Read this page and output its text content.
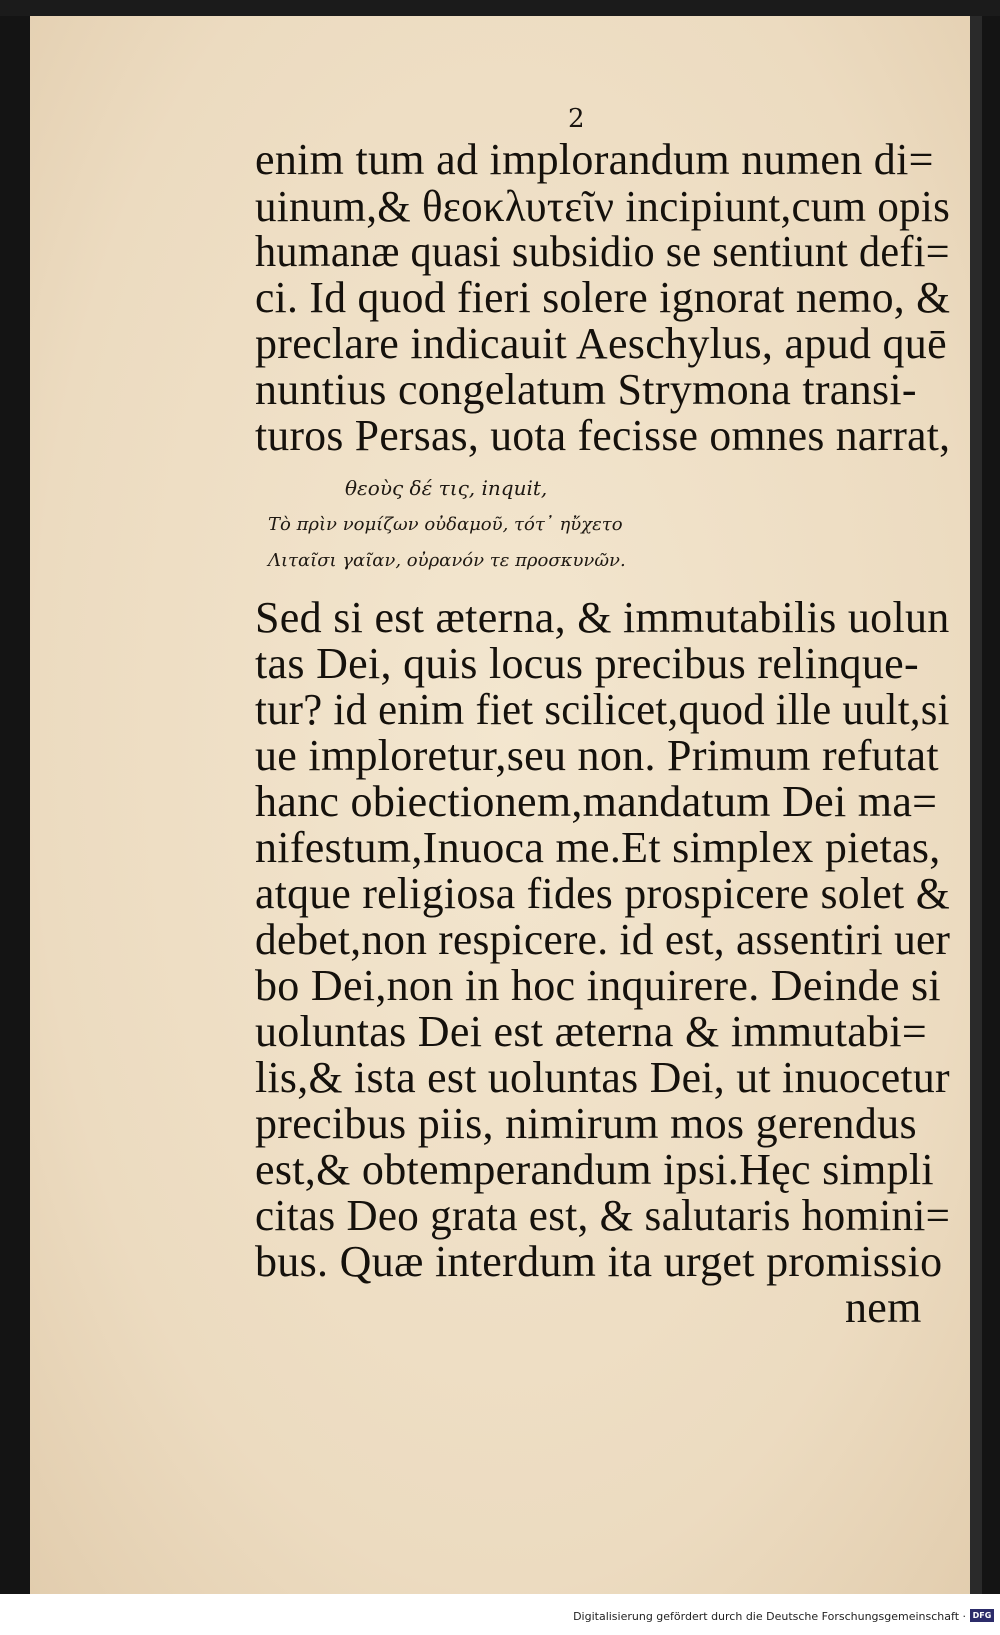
2
enim tum ad implorandum numen di=
uinum,& θεοκλυτεῖν incipiunt,cum opis
humanæ quasi subsidio se sentiunt defi=
ci. Id quod fieri solere ignorat nemo, &
preclare indicauit Aeschylus, apud quē
nuntius congelatum Strymona transi-
turos Persas, uota fecisse omnes narrat,
θεοὺς δέ τις, inquit,
Τὸ πρὶν νομίζων οὐδαμοῦ, τότ᾽ ηὔχετο
Λιταῖσι γαῖαν, οὐρανόν τε προσκυνῶν.
Sed si est æterna, & immutabilis uolun
tas Dei, quis locus precibus relinque-
tur? id enim fiet scilicet,quod ille uult,si
ue imploretur,seu non. Primum refutat
hanc obiectionem,mandatum Dei ma=
nifestum,Inuoca me.Et simplex pietas,
atque religiosa fides prospicere solet &
debet,non respicere. id est, assentiri uer
bo Dei,non in hoc inquirere. Deinde si
uoluntas Dei est æterna & immutabi=
lis,& ista est uoluntas Dei, ut inuocetur
precibus piis, nimirum mos gerendus
est,& obtemperandum ipsi.Hęc simpli
citas Deo grata est, & salutaris homini=
bus. Quæ interdum ita urget promissio
nem
Digitalisierung gefördert durch die Deutsche Forschungsgemeinschaft · DFG
